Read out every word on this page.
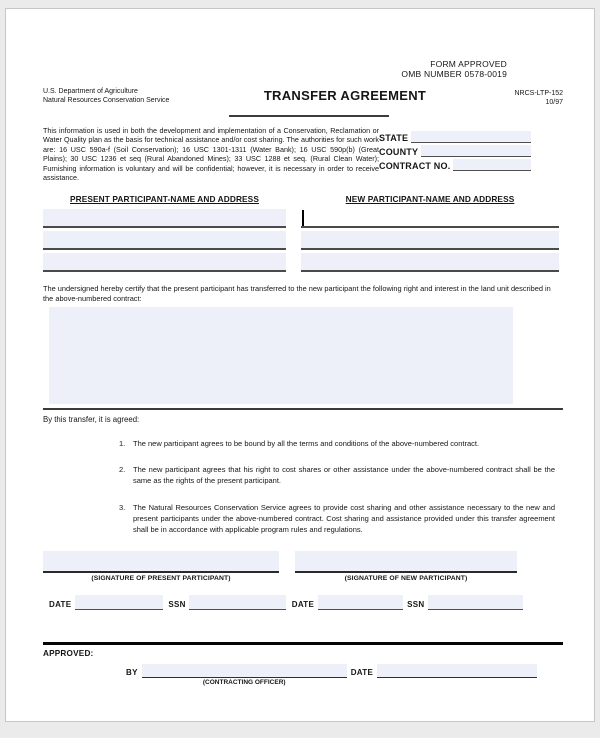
FORM APPROVED
OMB NUMBER 0578-0019
U.S. Department of Agriculture
Natural Resources Conservation Service	TRANSFER AGREEMENT	NRCS-LTP-152
10/97
This information is used in both the development and implementation of a Conservation, Reclamation or Water Quality plan as the basis for technical assistance and/or cost sharing. The authorities for such work are: 16 USC 590a-f (Soil Conservation); 16 USC 1301-1311 (Water Bank); 16 USC 590p(b) (Great Plains); 30 USC 1236 et seq (Rural Abandoned Mines); 33 USC 1288 et seq. (Rural Clean Water); Furnishing information is voluntary and will be confidential; however, it is necessary in order to receive assistance.
STATE
COUNTY
CONTRACT NO.
PRESENT PARTICIPANT-NAME AND ADDRESS	NEW PARTICIPANT-NAME AND ADDRESS
The undersigned hereby certify that the present participant has transferred to the new participant the following right and interest in the land unit described in the above-numbered contract:
By this transfer, it is agreed:
1.	The new participant agrees to be bound by all the terms and conditions of the above-numbered contract.
2.	The new participant agrees that his right to cost shares or other assistance under the above-numbered contract shall be the same as the rights of the present participant.
3.	The Natural Resources Conservation Service agrees to provide cost sharing and other assistance necessary to the new and present participants under the above-numbered contract. Cost sharing and assistance provided under this transfer agreement shall be in accordance with applicable program rules and regulations.
(SIGNATURE OF PRESENT PARTICIPANT)	(SIGNATURE OF NEW PARTICIPANT)
DATE	SSN	DATE	SSN
APPROVED:
BY
(CONTRACTING OFFICER)
DATE
